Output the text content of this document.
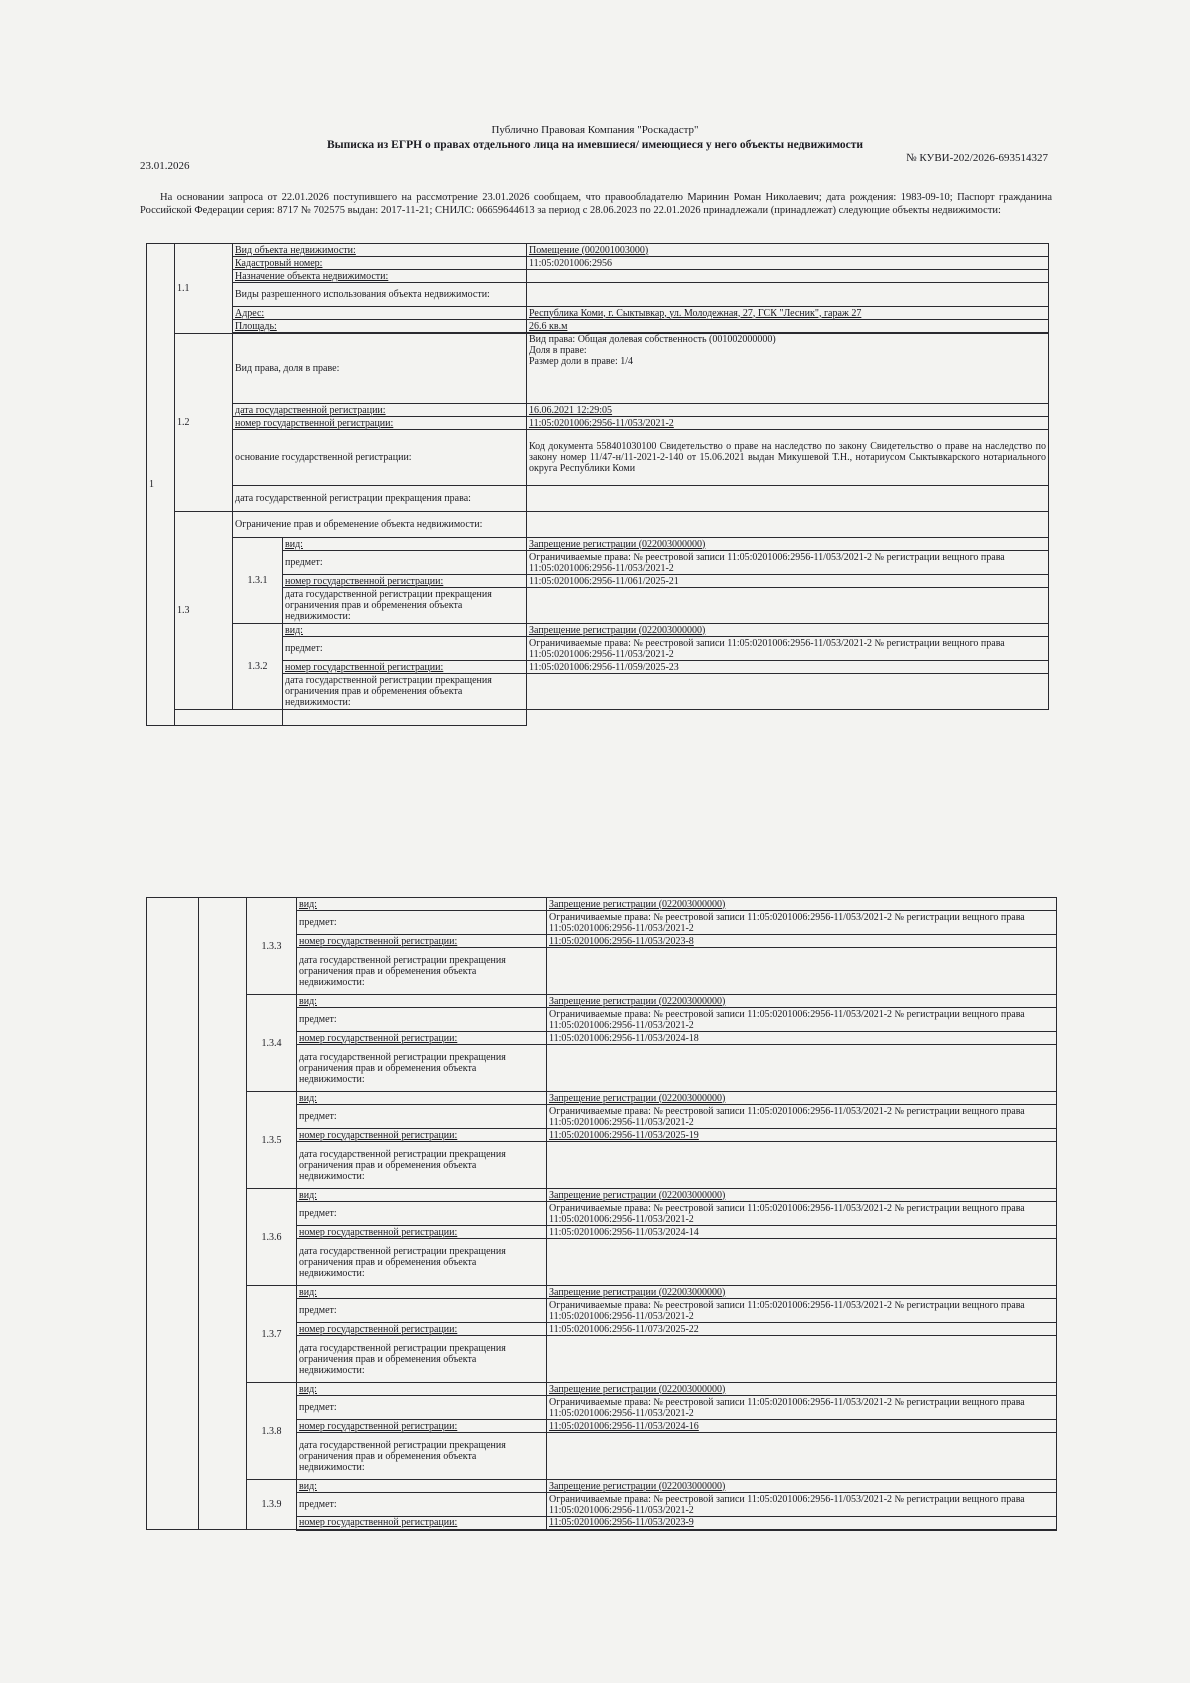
Публично Правовая Компания "Роскадастр"
Выписка из ЕГРН о правах отдельного лица на имевшиеся/ имеющиеся у него объекты недвижимости
23.01.2026
№ КУВИ-202/2026-693514327
На основании запроса от 22.01.2026 поступившего на рассмотрение 23.01.2026 сообщаем, что правообладателю Маринин Роман Николаевич; дата рождения: 1983-09-10; Паспорт гражданина Российской Федерации серия: 8717 № 702575 выдан: 2017-11-21; СНИЛС: 06659644613 за период с 28.06.2023 по 22.01.2026 принадлежали (принадлежат) следующие объекты недвижимости:
1	1.1	Вид объекта недвижимости:		Помещение (002001003000)
		Кадастровый номер:		11:05:0201006:2956
		Назначение объекта недвижимости:		
		Виды разрешенного использования объекта недвижимости:		
		Адрес:		Республика Коми, г. Сыктывкар, ул. Молодежная, 27, ГСК "Лесник", гараж 27
		Площадь:		26.6 кв.м

	1.2	Вид права, доля в праве:		Вид права: Общая долевая собственность (001002000000)
Доля в праве:
Размер доли в праве: 1/4

		дата государственной регистрации:		16.06.2021 12:29:05
		номер государственной регистрации:		11:05:0201006:2956-11/053/2021-2
		основание государственной регистрации:		Код документа 558401030100 Свидетельство о праве на наследство по закону Свидетельство о праве на наследство по закону номер 11/47-н/11-2021-2-140 от 15.06.2021 выдан Микушевой Т.Н., нотариусом Сыктывкарского нотариального округа Республики Коми
		дата государственной регистрации прекращения права:		
	1.3	Ограничение прав и обременение объекта недвижимости:		
		1.3.1	вид:	Запрещение регистрации (022003000000)
			предмет:	Ограничиваемые права: № реестровой записи 11:05:0201006:2956-11/053/2021-2 № регистрации вещного права 11:05:0201006:2956-11/053/2021-2
			номер государственной регистрации:	11:05:0201006:2956-11/061/2025-21
			дата государственной регистрации прекращения ограничения прав и обременения объекта недвижимости:	
		1.3.2	вид:	Запрещение регистрации (022003000000)
			предмет:	Ограничиваемые права: № реестровой записи 11:05:0201006:2956-11/053/2021-2 № регистрации вещного права 11:05:0201006:2956-11/053/2021-2
			номер государственной регистрации:	11:05:0201006:2956-11/059/2025-23
			дата государственной регистрации прекращения ограничения прав и обременения объекта недвижимости:	

		1.3.3	вид:	Запрещение регистрации (022003000000)
			предмет:	Ограничиваемые права: № реестровой записи 11:05:0201006:2956-11/053/2021-2 № регистрации вещного права 11:05:0201006:2956-11/053/2021-2
			номер государственной регистрации:	11:05:0201006:2956-11/053/2023-8
			дата государственной регистрации прекращения ограничения прав и обременения объекта недвижимости:	
		1.3.4	вид:	Запрещение регистрации (022003000000)
			предмет:	Ограничиваемые права: № реестровой записи 11:05:0201006:2956-11/053/2021-2 № регистрации вещного права 11:05:0201006:2956-11/053/2021-2
			номер государственной регистрации:	11:05:0201006:2956-11/053/2024-18
			дата государственной регистрации прекращения ограничения прав и обременения объекта недвижимости:	
		1.3.5	вид:	Запрещение регистрации (022003000000)
			предмет:	Ограничиваемые права: № реестровой записи 11:05:0201006:2956-11/053/2021-2 № регистрации вещного права 11:05:0201006:2956-11/053/2021-2
			номер государственной регистрации:	11:05:0201006:2956-11/053/2025-19
			дата государственной регистрации прекращения ограничения прав и обременения объекта недвижимости:	
		1.3.6	вид:	Запрещение регистрации (022003000000)
			предмет:	Ограничиваемые права: № реестровой записи 11:05:0201006:2956-11/053/2021-2 № регистрации вещного права 11:05:0201006:2956-11/053/2021-2
			номер государственной регистрации:	11:05:0201006:2956-11/053/2024-14
			дата государственной регистрации прекращения ограничения прав и обременения объекта недвижимости:	
		1.3.7	вид:	Запрещение регистрации (022003000000)
			предмет:	Ограничиваемые права: № реестровой записи 11:05:0201006:2956-11/053/2021-2 № регистрации вещного права 11:05:0201006:2956-11/053/2021-2
			номер государственной регистрации:	11:05:0201006:2956-11/073/2025-22
			дата государственной регистрации прекращения ограничения прав и обременения объекта недвижимости:	
		1.3.8	вид:	Запрещение регистрации (022003000000)
			предмет:	Ограничиваемые права: № реестровой записи 11:05:0201006:2956-11/053/2021-2 № регистрации вещного права 11:05:0201006:2956-11/053/2021-2
			номер государственной регистрации:	11:05:0201006:2956-11/053/2024-16
			дата государственной регистрации прекращения ограничения прав и обременения объекта недвижимости:	
		1.3.9	вид:	Запрещение регистрации (022003000000)
			предмет:	Ограничиваемые права: № реестровой записи 11:05:0201006:2956-11/053/2021-2 № регистрации вещного права 11:05:0201006:2956-11/053/2021-2
			номер государственной регистрации:	11:05:0201006:2956-11/053/2023-9
